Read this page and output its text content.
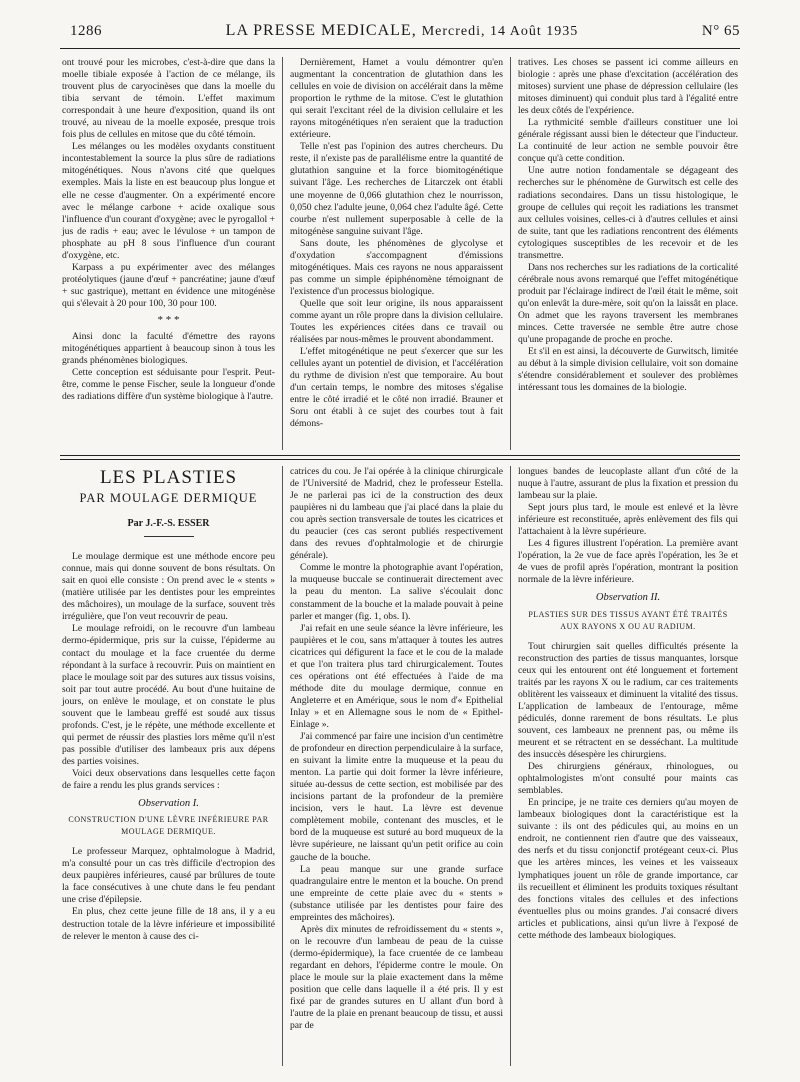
1286	LA PRESSE MEDICALE, Mercredi, 14 Août 1935	N° 65

ont trouvé pour les microbes, c'est-à-dire que dans la moelle tibiale exposée à l'action de ce mélange, ils trouvent plus de caryocinèses que dans la moelle du tibia servant de témoin. L'effet maximum correspondait à une heure d'exposition, quand ils ont trouvé, au niveau de la moelle exposée, presque trois fois plus de cellules en mitose que du côté témoin.

Les mélanges ou les modèles oxydants constituent incontestablement la source la plus sûre de radiations mitogénétiques. Nous n'avons cité que quelques exemples. Mais la liste en est beaucoup plus longue et elle ne cesse d'augmenter. On a expérimenté encore avec le mélange carbone + acide oxalique sous l'influence d'un courant d'oxygène; avec le pyrogallol + jus de radis + eau; avec le lévulose + un tampon de phosphate au pH 8 sous l'influence d'un courant d'oxygène, etc.

Karpass a pu expérimenter avec des mélanges protéolytiques (jaune d'œuf + pancréatine; jaune d'œuf + suc gastrique), mettant en évidence une mitogénèse qui s'élevait à 20 pour 100, 30 pour 100.

* * *

Ainsi donc la faculté d'émettre des rayons mitogénétiques appartient à beaucoup sinon à tous les grands phénomènes biologiques.

Cette conception est séduisante pour l'esprit. Peut-être, comme le pense Fischer, seule la longueur d'onde des radiations diffère d'un système biologique à l'autre.

Dernièrement, Hamet a voulu démontrer qu'en augmentant la concentration de glutathion dans les cellules en voie de division on accélérait dans la même proportion le rythme de la mitose. C'est le glutathion qui serait l'excitant réel de la division cellulaire et les rayons mitogénétiques n'en seraient que la traduction extérieure.

Telle n'est pas l'opinion des autres chercheurs. Du reste, il n'existe pas de parallélisme entre la quantité de glutathion sanguine et la force biomitogénétique suivant l'âge. Les recherches de Litarczek ont établi une moyenne de 0,066 glutathion chez le nourrisson, 0,050 chez l'adulte jeune, 0,064 chez l'adulte âgé. Cette courbe n'est nullement superposable à celle de la mitogénèse sanguine suivant l'âge.

Sans doute, les phénomènes de glycolyse et d'oxydation s'accompagnent d'émissions mitogénétiques. Mais ces rayons ne nous apparaissent pas comme un simple épiphénomène témoignant de l'existence d'un processus biologique.

Quelle que soit leur origine, ils nous apparaissent comme ayant un rôle propre dans la division cellulaire. Toutes les expériences citées dans ce travail ou réalisées par nous-mêmes le prouvent abondamment.

L'effet mitogénétique ne peut s'exercer que sur les cellules ayant un potentiel de division, et l'accélération du rythme de division n'est que temporaire. Au bout d'un certain temps, le nombre des mitoses s'égalise entre le côté irradié et le côté non irradié. Brauner et Soru ont établi à ce sujet des courbes tout à fait démons-

tratives. Les choses se passent ici comme ailleurs en biologie : après une phase d'excitation (accélération des mitoses) survient une phase de dépression cellulaire (les mitoses diminuent) qui conduit plus tard à l'égalité entre les deux côtés de l'expérience.

La rythmicité semble d'ailleurs constituer une loi générale régissant aussi bien le détecteur que l'inducteur. La continuité de leur action ne semble pouvoir être conçue qu'à cette condition.

Une autre notion fondamentale se dégageant des recherches sur le phénomène de Gurwitsch est celle des radiations secondaires. Dans un tissu histologique, le groupe de cellules qui reçoit les radiations les transmet aux cellules voisines, celles-ci à d'autres cellules et ainsi de suite, tant que les radiations rencontrent des éléments cytologiques susceptibles de les recevoir et de les transmettre.

Dans nos recherches sur les radiations de la corticalité cérébrale nous avons remarqué que l'effet mitogénétique produit par l'éclairage indirect de l'œil était le même, soit qu'on enlevât la dure-mère, soit qu'on la laissât en place. On admet que les rayons traversent les membranes minces. Cette traversée ne semble être autre chose qu'une propagande de proche en proche.

Et s'il en est ainsi, la découverte de Gurwitsch, limitée au début à la simple division cellulaire, voit son domaine s'étendre considérablement et soulever des problèmes intéressant tous les domaines de la biologie.

LES PLASTIES
PAR MOULAGE DERMIQUE
Par J.-F.-S. ESSER

Le moulage dermique est une méthode encore peu connue, mais qui donne souvent de bons résultats. On sait en quoi elle consiste : On prend avec le « stents » (matière utilisée par les dentistes pour les empreintes des mâchoires), un moulage de la surface, souvent très irrégulière, que l'on veut recouvrir de peau.

Le moulage refroidi, on le recouvre d'un lambeau dermo-épidermique, pris sur la cuisse, l'épiderme au contact du moulage et la face cruentée du derme répondant à la surface à recouvrir. Puis on maintient en place le moulage soit par des sutures aux tissus voisins, soit par tout autre procédé. Au bout d'une huitaine de jours, on enlève le moulage, et on constate le plus souvent que le lambeau greffé est soudé aux tissus profonds. C'est, je le répète, une méthode excellente et qui permet de réussir des plasties lors même qu'il n'est pas possible d'utiliser des lambeaux pris aux dépens des parties voisines.

Voici deux observations dans lesquelles cette façon de faire a rendu les plus grands services :

Observation I.
CONSTRUCTION D'UNE LÈVRE INFÉRIEURE PAR MOULAGE DERMIQUE.

Le professeur Marquez, ophtalmologue à Madrid, m'a consulté pour un cas très difficile d'ectropion des deux paupières inférieures, causé par brûlures de toute la face consécutives à une chute dans le feu pendant une crise d'épilepsie.

En plus, chez cette jeune fille de 18 ans, il y a eu destruction totale de la lèvre inférieure et impossibilité de relever le menton à cause des ci-

catrices du cou. Je l'ai opérée à la clinique chirurgicale de l'Université de Madrid, chez le professeur Estella. Je ne parlerai pas ici de la construction des deux paupières ni du lambeau que j'ai placé dans la plaie du cou après section transversale de toutes les cicatrices et du peaucier (ces cas seront publiés respectivement dans des revues d'ophtalmologie et de chirurgie générale).

Comme le montre la photographie avant l'opération, la muqueuse buccale se continuerait directement avec la peau du menton. La salive s'écoulait donc constamment de la bouche et la malade pouvait à peine parler et manger (fig. 1, obs. I).

J'ai refait en une seule séance la lèvre inférieure, les paupières et le cou, sans m'attaquer à toutes les autres cicatrices qui défigurent la face et le cou de la malade et que l'on traitera plus tard chirurgicalement. Toutes ces opérations ont été effectuées à l'aide de ma méthode dite du moulage dermique, connue en Angleterre et en Amérique, sous le nom d'« Epithelial Inlay » et en Allemagne sous le nom de « Epithel-Einlage ».

J'ai commencé par faire une incision d'un centimètre de profondeur en direction perpendiculaire à la surface, en suivant la limite entre la muqueuse et la peau du menton. La partie qui doit former la lèvre inférieure, située au-dessus de cette section, est mobilisée par des incisions partant de la profondeur de la première incision, vers le haut. La lèvre est devenue complètement mobile, contenant des muscles, et le bord de la muqueuse est suturé au bord muqueux de la lèvre supérieure, ne laissant qu'un petit orifice au coin gauche de la bouche.

La peau manque sur une grande surface quadrangulaire entre le menton et la bouche. On prend une empreinte de cette plaie avec du « stents » (substance utilisée par les dentistes pour faire des empreintes des mâchoires).

Après dix minutes de refroidissement du « stents », on le recouvre d'un lambeau de peau de la cuisse (dermo-épidermique), la face cruentée de ce lambeau regardant en dehors, l'épiderme contre le moule. On place le moule sur la plaie exactement dans la même position que celle dans laquelle il a été pris. Il y est fixé par de grandes sutures en U allant d'un bord à l'autre de la plaie en prenant beaucoup de tissu, et aussi par de

longues bandes de leucoplaste allant d'un côté de la nuque à l'autre, assurant de plus la fixation et pression du lambeau sur la plaie.

Sept jours plus tard, le moule est enlevé et la lèvre inférieure est reconstituée, après enlèvement des fils qui l'attachaient à la lèvre supérieure.

Les 4 figures illustrent l'opération. La première avant l'opération, la 2e vue de face après l'opération, les 3e et 4e vues de profil après l'opération, montrant la position normale de la lèvre inférieure.

Observation II.
PLASTIES SUR DES TISSUS AYANT ÉTÉ TRAITÉS AUX RAYONS X OU AU RADIUM.

Tout chirurgien sait quelles difficultés présente la reconstruction des parties de tissus manquantes, lorsque ceux qui les entourent ont été longuement et fortement traités par les rayons X ou le radium, car ces traitements oblitèrent les vaisseaux et diminuent la vitalité des tissus. L'application de lambeaux de l'entourage, même pédiculés, donne rarement de bons résultats. Le plus souvent, ces lambeaux ne prennent pas, ou même ils meurent et se rétractent en se desséchant. La multitude des insuccès désespère les chirurgiens.

Des chirurgiens généraux, rhinologues, ou ophtalmologistes m'ont consulté pour maints cas semblables.

En principe, je ne traite ces derniers qu'au moyen de lambeaux biologiques dont la caractéristique est la suivante : ils ont des pédicules qui, au moins en un endroit, ne contiennent rien d'autre que des vaisseaux, des nerfs et du tissu conjonctif protégeant ceux-ci. Plus que les artères minces, les veines et les vaisseaux lymphatiques jouent un rôle de grande importance, car ils recueillent et éliminent les produits toxiques résultant des fonctions vitales des cellules et des infections éventuelles plus ou moins grandes. J'ai consacré divers articles et publications, ainsi qu'un livre à l'exposé de cette méthode des lambeaux biologiques.
